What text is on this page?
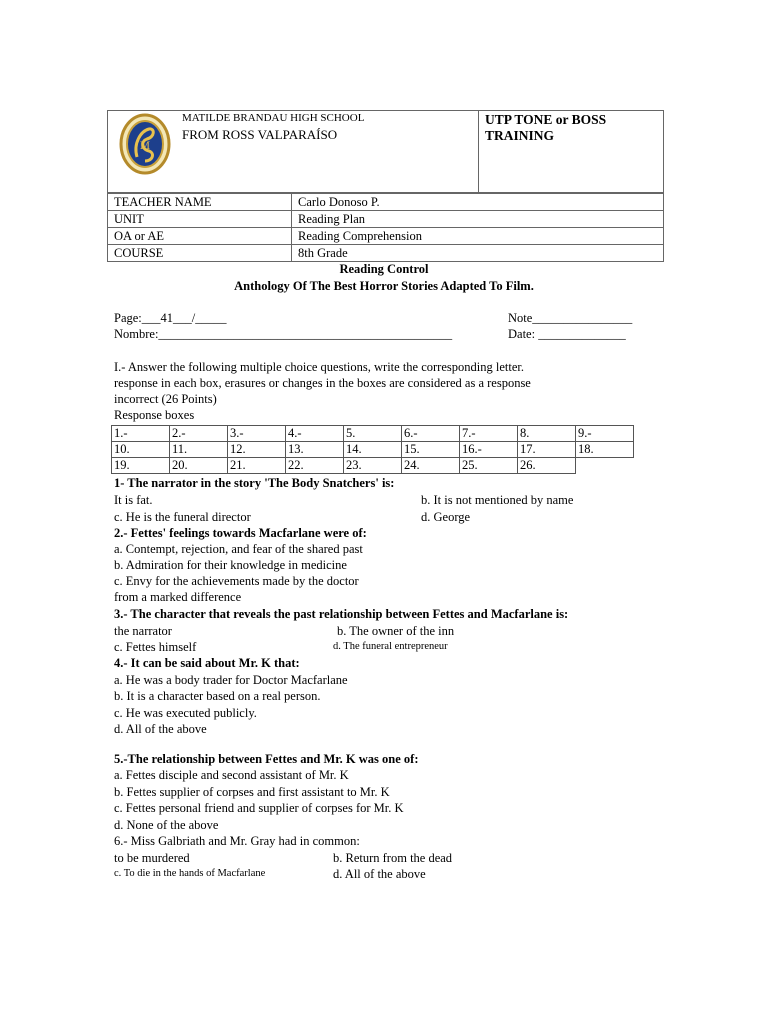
M
MATILDE BRANDAU HIGH SCHOOL
FROM ROSS VALPARAÍSO
UTP TONE or BOSS TRAINING
TEACHER NAME	Carlo Donoso P.
UNIT	Reading Plan
OA or AE	Reading Comprehension
COURSE	8th Grade
Reading Control
Anthology Of The Best Horror Stories Adapted To Film.
Page:___41___/_____	Note________________
Nombre:_______________________________________________	Date: ______________
I.- Answer the following multiple choice questions, write the corresponding letter.
response in each box, erasures or changes in the boxes are considered as a response
incorrect (26 Points)
Response boxes
1.-	2.-	3.-	4.-	5.	6.-	7.-	8.	9.-
10.	11.	12.	13.	14.	15.	16.-	17.	18.
19.	20.	21.	22.	23.	24.	25.	26.	
1- The narrator in the story 'The Body Snatchers' is:
It is fat.	b. It is not mentioned by name
c. He is the funeral director	d. George
2.- Fettes' feelings towards Macfarlane were of:
a. Contempt, rejection, and fear of the shared past
b. Admiration for their knowledge in medicine
c. Envy for the achievements made by the doctor
from a marked difference
3.- The character that reveals the past relationship between Fettes and Macfarlane is:
the narrator	b. The owner of the inn
c. Fettes himself	d. The funeral entrepreneur
4.- It can be said about Mr. K that:
a. He was a body trader for Doctor Macfarlane
b. It is a character based on a real person.
c. He was executed publicly.
d. All of the above
5.-The relationship between Fettes and Mr. K was one of:
a. Fettes disciple and second assistant of Mr. K
b. Fettes supplier of corpses and first assistant to Mr. K
c. Fettes personal friend and supplier of corpses for Mr. K
d. None of the above
6.- Miss Galbriath and Mr. Gray had in common:
to be murdered	b. Return from the dead
c. To die in the hands of Macfarlane	d. All of the above
